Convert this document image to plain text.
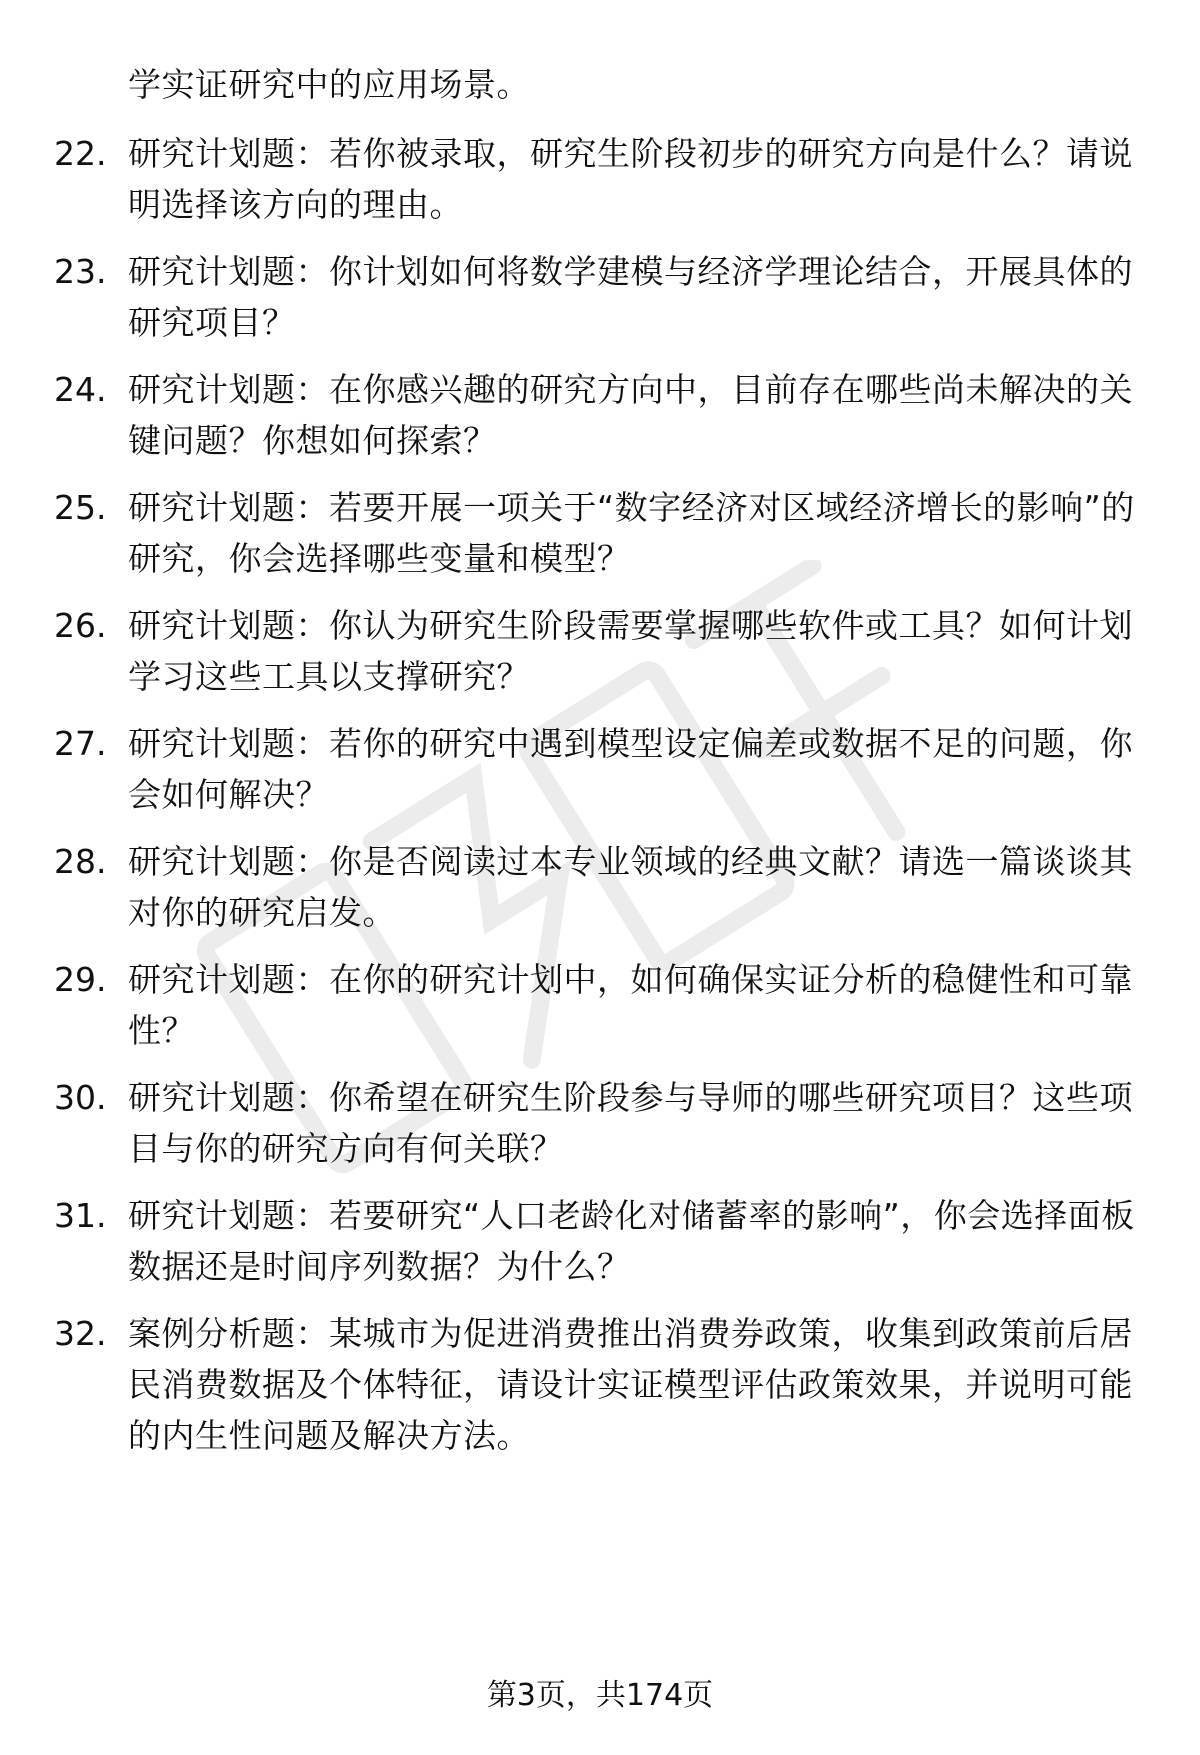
学实证研究中的应用场景。
22. 研究计划题：若你被录取，研究生阶段初步的研究方向是什么？请说明选择该方向的理由。
23. 研究计划题：你计划如何将数学建模与经济学理论结合，开展具体的研究项目？
24. 研究计划题：在你感兴趣的研究方向中，目前存在哪些尚未解决的关键问题？你想如何探索？
25. 研究计划题：若要开展一项关于“数字经济对区域经济增长的影响”的研究，你会选择哪些变量和模型？
26. 研究计划题：你认为研究生阶段需要掌握哪些软件或工具？如何计划学习这些工具以支撑研究？
27. 研究计划题：若你的研究中遇到模型设定偏差或数据不足的问题，你会如何解决？
28. 研究计划题：你是否阅读过本专业领域的经典文献？请选一篇谈谈其对你的研究启发。
29. 研究计划题：在你的研究计划中，如何确保实证分析的稳健性和可靠性？
30. 研究计划题：你希望在研究生阶段参与导师的哪些研究项目？这些项目与你的研究方向有何关联？
31. 研究计划题：若要研究“人口老龄化对储蓄率的影响”，你会选择面板数据还是时间序列数据？为什么？
32. 案例分析题：某城市为促进消费推出消费券政策，收集到政策前后居民消费数据及个体特征，请设计实证模型评估政策效果，并说明可能的内生性问题及解决方法。
第3页，共174页
